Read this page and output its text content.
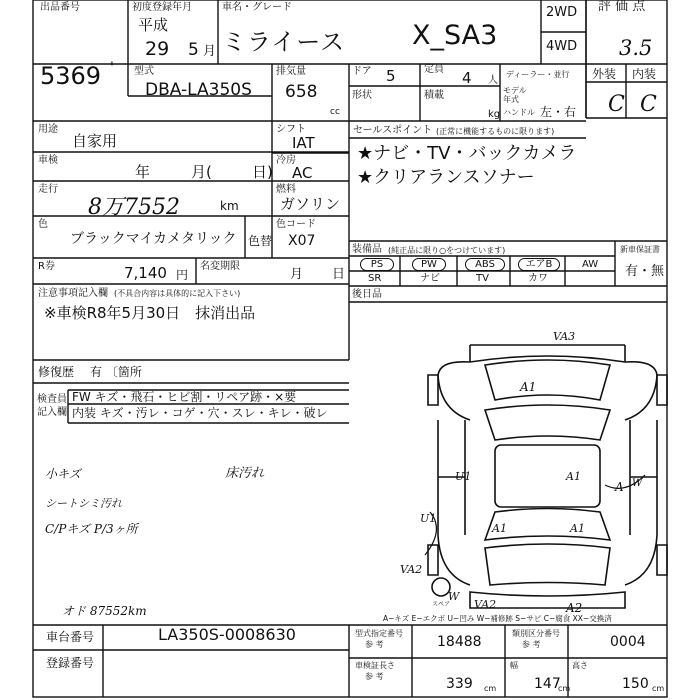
出品番号
5369 '
初度登録年月
平成
29 5 月
車名・グレード
ミライース X_SA3
2WD
4WD
評 価 点
3.5
型式
DBA-LA350S
排気量
658
cc
ドア 5	定員 4 人
ディーラー・並行
形状	積載
kg
モデル年式
ハンドル 左・右
外装 内装
C C
用途
自家用
車検
年	月(	日)
走行
8万7552	km
色
ブラックマイカメタリック 色替
R券	7,140 円
名変期限
月 日
シフト
IAT
冷房
AC
燃料
ガソリン
色コード
X07
セールスポイント (正常に機能するものに限ります)
★ナビ・TV・バックカメラ
★クリアランスソナー
装備品 (純正品に限り○をつけています)	新車保証書
有・無
PS	PW	ABS	エアB	AW
SR	ナビ	TV	カワ
後日品
注意事項記入欄 (不具合内容は具体的に記入下さい)
※車検R8年5月30日　抹消出品
修復歴 有 〔箇所
検査員記入欄
FW キズ・飛石・ヒビ割・リペア跡・×要
内装 キズ・汚レ・コゲ・穴・スレ・キレ・破レ
小キズ
シートシミ汚れ
C/Pキズ P/3ヶ所
床汚れ
オド 87552km
VA3
A1
U1	A1
A1	A1
VA2
U1
W
VA2	A2
A W
スペア
A−キズ E−エクボ U−凹み W−補修跡 S−サビ C−腐食 XX−交換済
車台番号	LA350S-0008630
登録番号
型式指定番号
参 考	18488
類別区分番号
参 考	0004
車検証長さ
参 考	339 cm
幅
147
cm
高さ
150 cm
